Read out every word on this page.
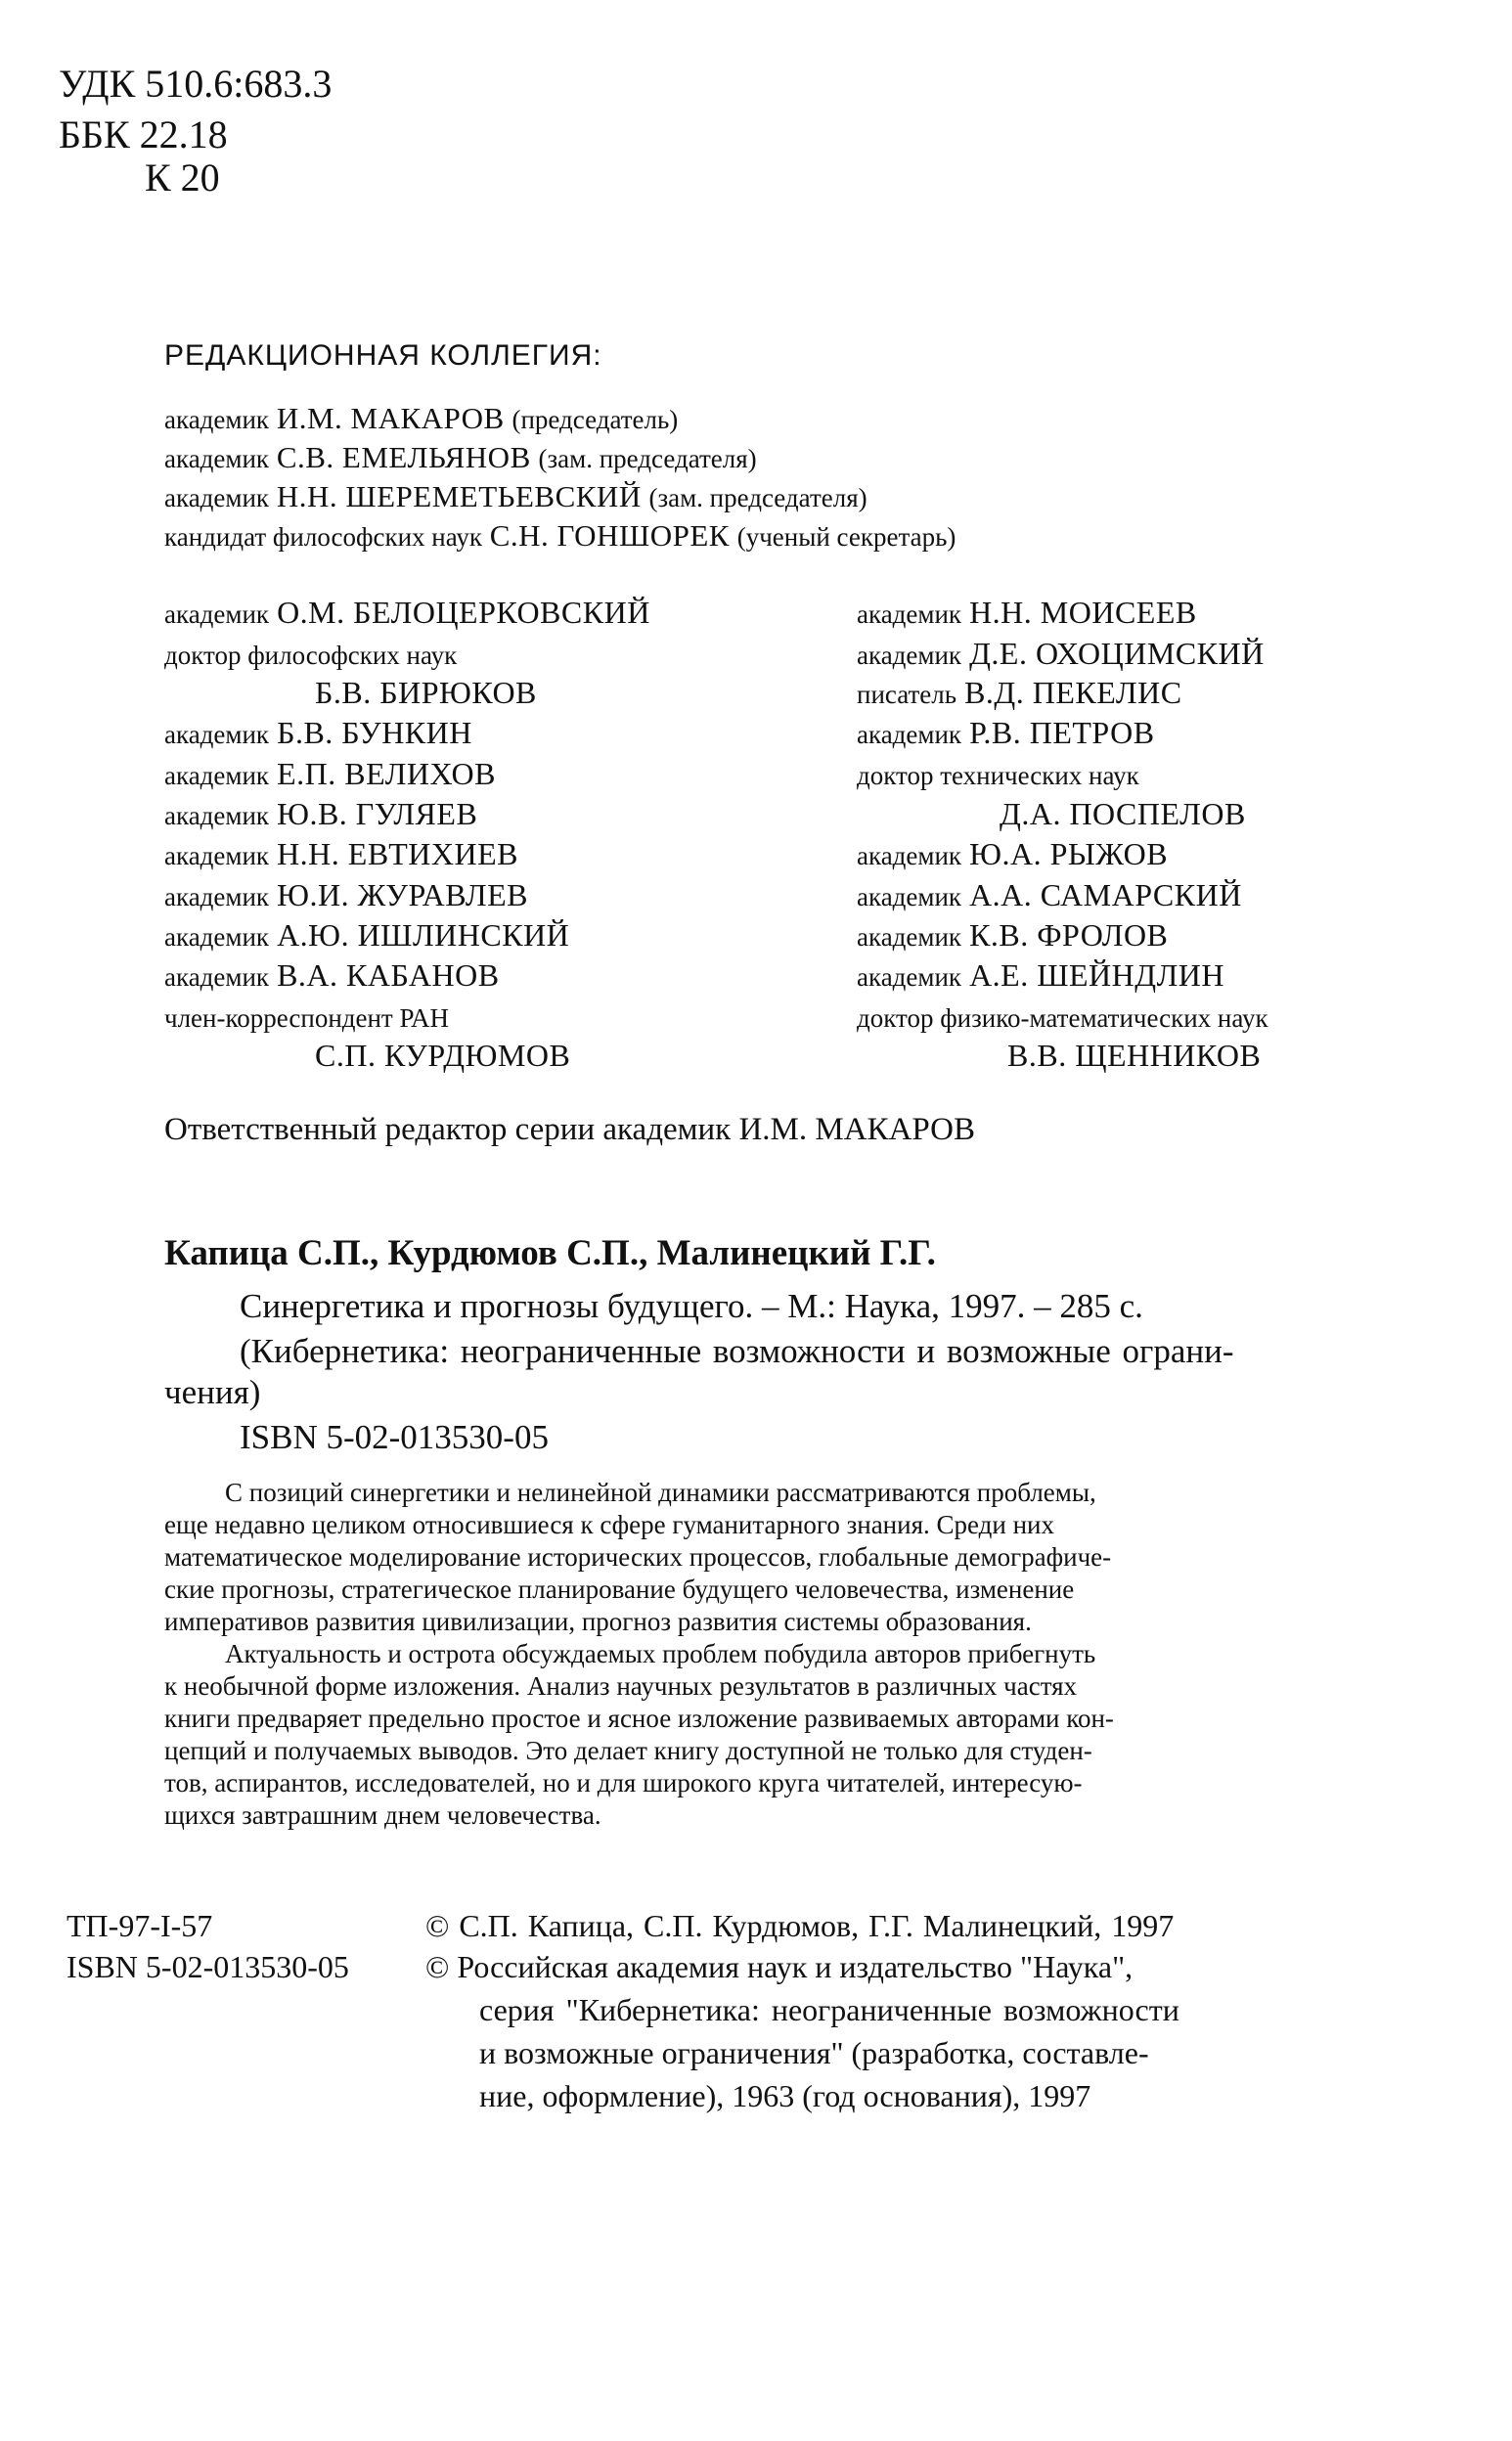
УДК 510.6:683.3
ББК 22.18
К 20
РЕДАКЦИОННАЯ КОЛЛЕГИЯ:
академик И.М. МАКАРОВ (председатель)
академик С.В. ЕМЕЛЬЯНОВ (зам. председателя)
академик Н.Н. ШЕРЕМЕТЬЕВСКИЙ (зам. председателя)
кандидат философских наук С.Н. ГОНШОРЕК (ученый секретарь)
академик О.М. БЕЛОЦЕРКОВСКИЙ
доктор философских наук
Б.В. БИРЮКОВ
академик Б.В. БУНКИН
академик Е.П. ВЕЛИХОВ
академик Ю.В. ГУЛЯЕВ
академик Н.Н. ЕВТИХИЕВ
академик Ю.И. ЖУРАВЛЕВ
академик А.Ю. ИШЛИНСКИЙ
академик В.А. КАБАНОВ
член-корреспондент РАН
С.П. КУРДЮМОВ
академик Н.Н. МОИСЕЕВ
академик Д.Е. ОХОЦИМСКИЙ
писатель В.Д. ПЕКЕЛИС
академик Р.В. ПЕТРОВ
доктор технических наук
Д.А. ПОСПЕЛОВ
академик Ю.А. РЫЖОВ
академик А.А. САМАРСКИЙ
академик К.В. ФРОЛОВ
академик А.Е. ШЕЙНДЛИН
доктор физико-математических наук
В.В. ЩЕННИКОВ
Ответственный редактор серии академик И.М. МАКАРОВ
Капица С.П., Курдюмов С.П., Малинецкий Г.Г.
Синергетика и прогнозы будущего. – М.: Наука, 1997. – 285 с.
(Кибернетика: неограниченные возможности и возможные ограни-
чения)
ISBN 5-02-013530-05
С позиций синергетики и нелинейной динамики рассматриваются проблемы,
еще недавно целиком относившиеся к сфере гуманитарного знания. Среди них
математическое моделирование исторических процессов, глобальные демографиче-
ские прогнозы, стратегическое планирование будущего человечества, изменение
императивов развития цивилизации, прогноз развития системы образования.
Актуальность и острота обсуждаемых проблем побудила авторов прибегнуть
к необычной форме изложения. Анализ научных результатов в различных частях
книги предваряет предельно простое и ясное изложение развиваемых авторами кон-
цепций и получаемых выводов. Это делает книгу доступной не только для студен-
тов, аспирантов, исследователей, но и для широкого круга читателей, интересую-
щихся завтрашним днем человечества.
ТП-97-I-57
ISBN 5-02-013530-05
© С.П. Капица, С.П. Курдюмов, Г.Г. Малинецкий, 1997
© Российская академия наук и издательство "Наука",
серия "Кибернетика: неограниченные возможности
и возможные ограничения" (разработка, составле-
ние, оформление), 1963 (год основания), 1997
